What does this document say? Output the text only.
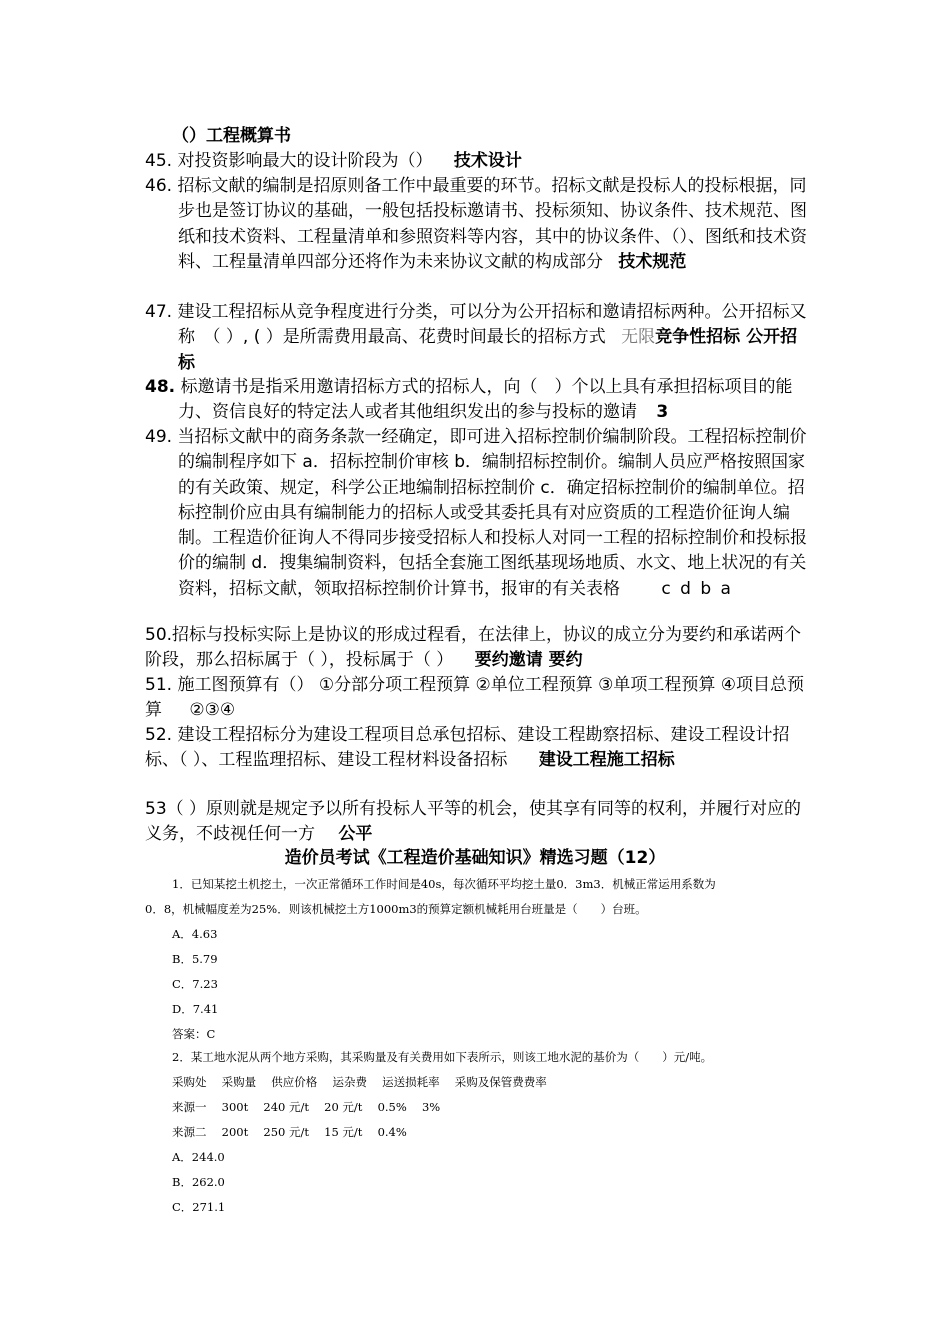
（）工程概算书
45. 对投资影响最大的设计阶段为（） 技术设计
46. 招标文献的编制是招原则备工作中最重要的环节。招标文献是投标人的投标根据，同步也是签订协议的基础，一般包括投标邀请书、投标须知、协议条件、技术规范、图纸和技术资料、工程量清单和参照资料等内容，其中的协议条件、（）、图纸和技术资料、工程量清单四部分还将作为未来协议文献的构成部分 技术规范
47. 建设工程招标从竞争程度进行分类，可以分为公开招标和邀请招标两种。公开招标又称　（ ）, ( ）是所需费用最高、花费时间最长的招标方式 无限竞争性招标 公开招标
48. 标邀请书是指采用邀请招标方式的招标人，向（　）个以上具有承担招标项目的能力、资信良好的特定法人或者其他组织发出的参与投标的邀请 3
49. 当招标文献中的商务条款一经确定，即可进入招标控制价编制阶段。工程招标控制价的编制程序如下 a．招标控制价审核 b．编制招标控制价。编制人员应严格按照国家的有关政策、规定，科学公正地编制招标控制价 c．确定招标控制价的编制单位。招标控制价应由具有编制能力的招标人或受其委托具有对应资质的工程造价征询人编制。工程造价征询人不得同步接受招标人和投标人对同一工程的招标控制价和投标报价的编制 d．搜集编制资料，包括全套施工图纸基现场地质、水文、地上状况的有关资料，招标文献，领取招标控制价计算书，报审的有关表格 c d b a
50.招标与投标实际上是协议的形成过程看，在法律上，协议的成立分为要约和承诺两个阶段，那么招标属于（ ），投标属于（ ） 要约邀请 要约
51. 施工图预算有（） ①分部分项工程预算 ②单位工程预算 ③单项工程预算 ④项目总预算 ②③④
52. 建设工程招标分为建设工程项目总承包招标、建设工程勘察招标、建设工程设计招标、（ ）、工程监理招标、建设工程材料设备招标 建设工程施工招标
53（ ）原则就是规定予以所有投标人平等的机会，使其享有同等的权利，并履行对应的义务，不歧视任何一方 公平
造价员考试《工程造价基础知识》精选习题（12）

1．已知某挖土机挖土，一次正常循环工作时间是40s，每次循环平均挖土量0．3m3．机械正常运用系数为

0．8，机械幅度差为25%．则该机械挖土方1000m3的预算定额机械耗用台班量是（　　）台班。

A．4.63

B．5.79

C．7.23

D．7.41

答案：C

2．某工地水泥从两个地方采购，其采购量及有关费用如下表所示，则该工地水泥的基价为（　　）元/吨。

采购处　 采购量　 供应价格　 运杂费　 运送损耗率　 采购及保管费费率

来源一　 300t　 240 元/t　 20 元/t　 0.5%　 3%

来源二　 200t　 250 元/t　 15 元/t　 0.4%

A．244.0

B．262.0

C．271.1
